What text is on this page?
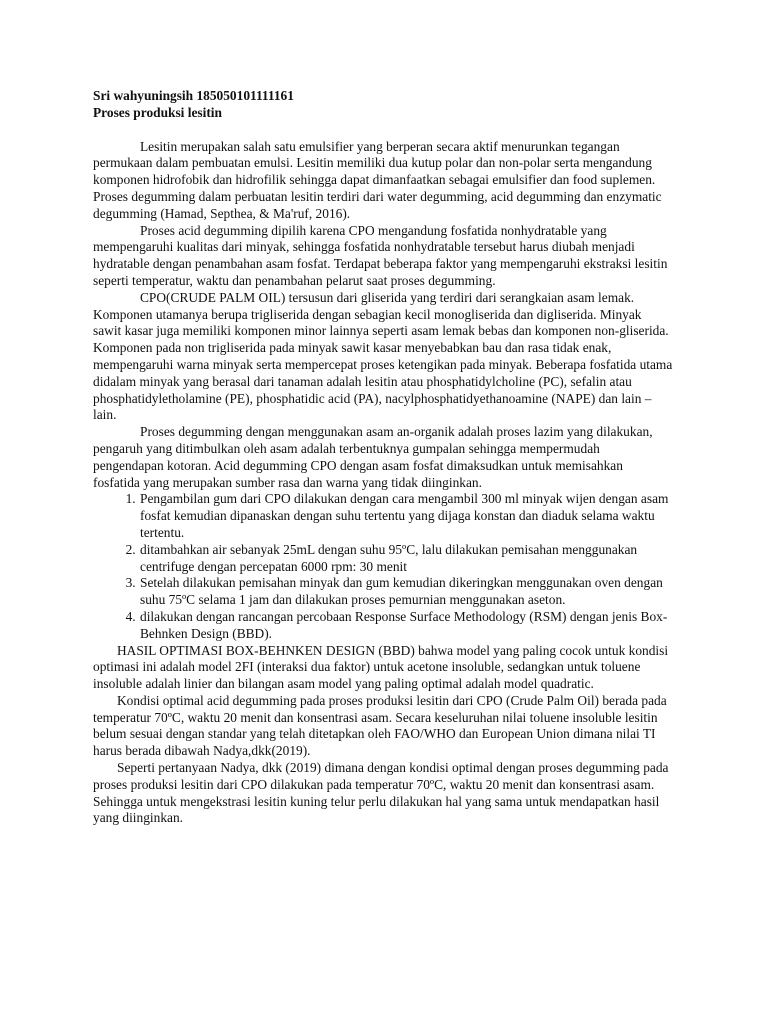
Sri wahyuningsih 185050101111161

Proses produksi lesitin

Lesitin merupakan salah satu emulsifier yang berperan secara aktif menurunkan tegangan permukaan dalam pembuatan emulsi. Lesitin memiliki dua kutup polar dan non-polar serta mengandung komponen hidrofobik dan hidrofilik sehingga dapat dimanfaatkan sebagai emulsifier dan food suplemen. Proses degumming dalam perbuatan lesitin terdiri dari water degumming, acid degumming dan enzymatic degumming (Hamad, Septhea, & Ma'ruf, 2016).

Proses acid degumming dipilih karena CPO mengandung fosfatida nonhydratable yang mempengaruhi kualitas dari minyak, sehingga fosfatida nonhydratable tersebut harus diubah menjadi hydratable dengan penambahan asam fosfat. Terdapat beberapa faktor yang mempengaruhi ekstraksi lesitin seperti temperatur, waktu dan penambahan pelarut saat proses degumming.

CPO(CRUDE PALM OIL) tersusun dari gliserida yang terdiri dari serangkaian asam lemak. Komponen utamanya berupa trigliserida dengan sebagian kecil monogliserida dan digliserida. Minyak sawit kasar juga memiliki komponen minor lainnya seperti asam lemak bebas dan komponen non-gliserida. Komponen pada non trigliserida pada minyak sawit kasar menyebabkan bau dan rasa tidak enak, mempengaruhi warna minyak serta mempercepat proses ketengikan pada minyak. Beberapa fosfatida utama didalam minyak yang berasal dari tanaman adalah lesitin atau phosphatidylcholine (PC), sefalin atau phosphatidyletholamine (PE), phosphatidic acid (PA), nacylphosphatidyethanoamine (NAPE) dan lain – lain.

Proses degumming dengan menggunakan asam an-organik adalah proses lazim yang dilakukan, pengaruh yang ditimbulkan oleh asam adalah terbentuknya gumpalan sehingga mempermudah pengendapan kotoran. Acid degumming CPO dengan asam fosfat dimaksudkan untuk memisahkan fosfatida yang merupakan sumber rasa dan warna yang tidak diinginkan.

1. Pengambilan gum dari CPO dilakukan dengan cara mengambil 300 ml minyak wijen dengan asam fosfat kemudian dipanaskan dengan suhu tertentu yang dijaga konstan dan diaduk selama waktu tertentu.
2. ditambahkan air sebanyak 25mL dengan suhu 95ºC, lalu dilakukan pemisahan menggunakan centrifuge dengan percepatan 6000 rpm: 30 menit
3. Setelah dilakukan pemisahan minyak dan gum kemudian dikeringkan menggunakan oven dengan suhu 75ºC selama 1 jam dan dilakukan proses pemurnian menggunakan aseton.
4. dilakukan dengan rancangan percobaan Response Surface Methodology (RSM) dengan jenis Box-Behnken Design (BBD).

HASIL OPTIMASI BOX-BEHNKEN DESIGN (BBD) bahwa model yang paling cocok untuk kondisi optimasi ini adalah model 2FI (interaksi dua faktor) untuk acetone insoluble, sedangkan untuk toluene insoluble adalah linier dan bilangan asam model yang paling optimal adalah model quadratic.

Kondisi optimal acid degumming pada proses produksi lesitin dari CPO (Crude Palm Oil) berada pada temperatur 70ºC, waktu 20 menit dan konsentrasi asam. Secara keseluruhan nilai toluene insoluble lesitin belum sesuai dengan standar yang telah ditetapkan oleh FAO/WHO dan European Union dimana nilai TI harus berada dibawah Nadya,dkk(2019).

Seperti pertanyaan Nadya, dkk (2019) dimana dengan kondisi optimal dengan proses degumming pada proses produksi lesitin dari CPO dilakukan pada temperatur 70ºC, waktu 20 menit dan konsentrasi asam. Sehingga untuk mengekstrasi lesitin kuning telur perlu dilakukan hal yang sama untuk mendapatkan hasil yang diinginkan.
